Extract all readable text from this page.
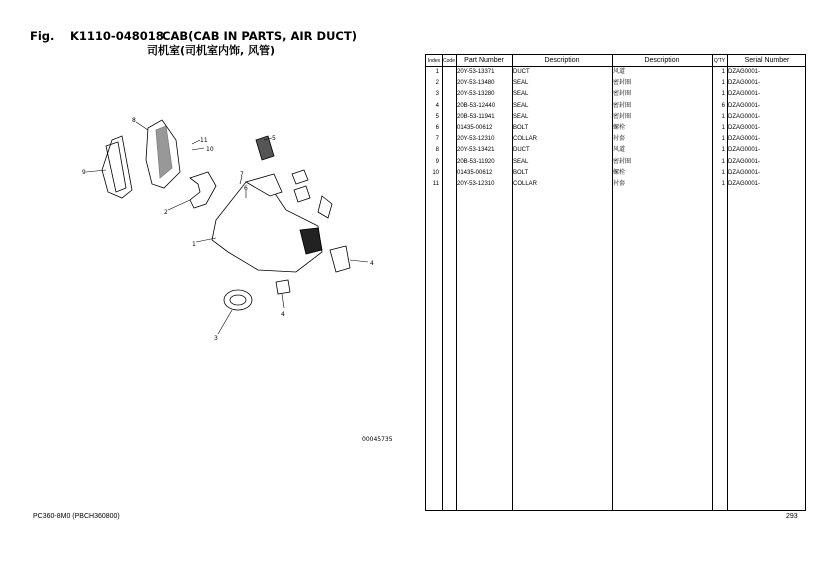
Fig. K1110-048018
CAB(CAB IN PARTS, AIR DUCT)
司机室(司机室内饰, 风管)
8
11
10
9	7
6
5
2
1
4
4
3
00045735
Index Code	Part Number	Description	Description	Q'TY	Serial Number
1	20Y-53-13371	DUCT	风道	1 DZAG0001-
2	20Y-53-13480	SEAL	密封圈	1 DZAG0001-
3	20Y-53-13280	SEAL	密封圈	1 DZAG0001-
4	20B-53-12440	SEAL	密封圈	6 DZAG0001-
5	20B-53-11941	SEAL	密封圈	1 DZAG0001-
6	01435-00612	BOLT	螺栓	1 DZAG0001-
7	20Y-53-12310	COLLAR	衬套	1 DZAG0001-
8	20Y-53-13421	DUCT	风道	1 DZAG0001-
9	20B-53-11920	SEAL	密封圈	1 DZAG0001-
10	01435-00612	BOLT	螺栓	1 DZAG0001-
11	20Y-53-12310	COLLAR	衬套	1 DZAG0001-
PC360-8M0 (PBCH360800)	293
